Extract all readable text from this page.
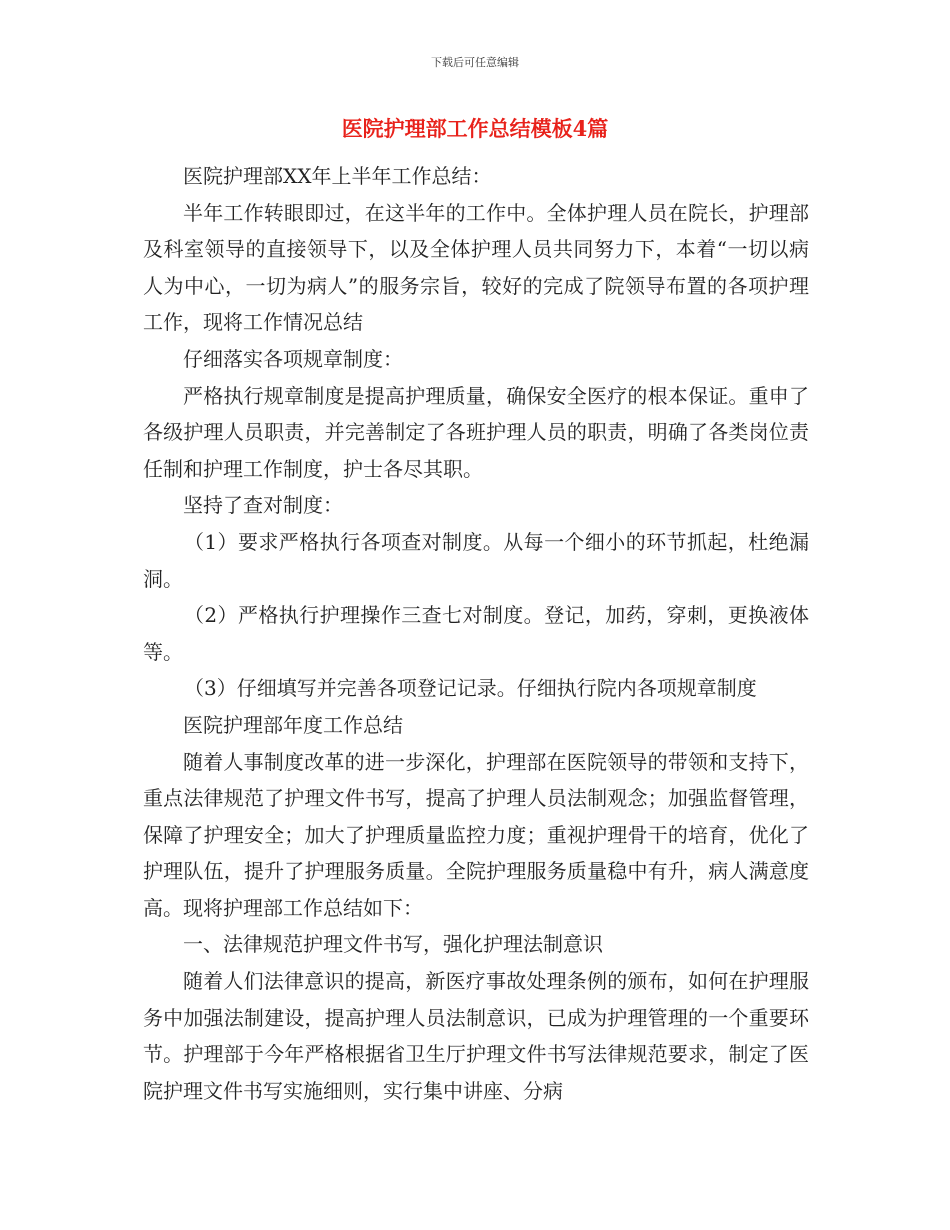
下载后可任意编辑
医院护理部工作总结模板4篇

医院护理部XX年上半年工作总结：

半年工作转眼即过，在这半年的工作中。全体护理人员在院长，护理部及科室领导的直接领导下，以及全体护理人员共同努力下，本着“一切以病人为中心，一切为病人”的服务宗旨，较好的完成了院领导布置的各项护理工作，现将工作情况总结

仔细落实各项规章制度：

严格执行规章制度是提高护理质量，确保安全医疗的根本保证。重申了各级护理人员职责，并完善制定了各班护理人员的职责，明确了各类岗位责任制和护理工作制度，护士各尽其职。

坚持了查对制度：

（1）要求严格执行各项查对制度。从每一个细小的环节抓起，杜绝漏洞。

（2）严格执行护理操作三查七对制度。登记，加药，穿刺，更换液体等。

（3）仔细填写并完善各项登记记录。仔细执行院内各项规章制度

医院护理部年度工作总结

随着人事制度改革的进一步深化，护理部在医院领导的带领和支持下，重点法律规范了护理文件书写，提高了护理人员法制观念；加强监督管理，保障了护理安全；加大了护理质量监控力度；重视护理骨干的培育，优化了护理队伍，提升了护理服务质量。全院护理服务质量稳中有升，病人满意度高。现将护理部工作总结如下：

一、法律规范护理文件书写，强化护理法制意识

随着人们法律意识的提高，新医疗事故处理条例的颁布，如何在护理服务中加强法制建设，提高护理人员法制意识，已成为护理管理的一个重要环节。护理部于今年严格根据省卫生厅护理文件书写法律规范要求，制定了医院护理文件书写实施细则，实行集中讲座、分病
